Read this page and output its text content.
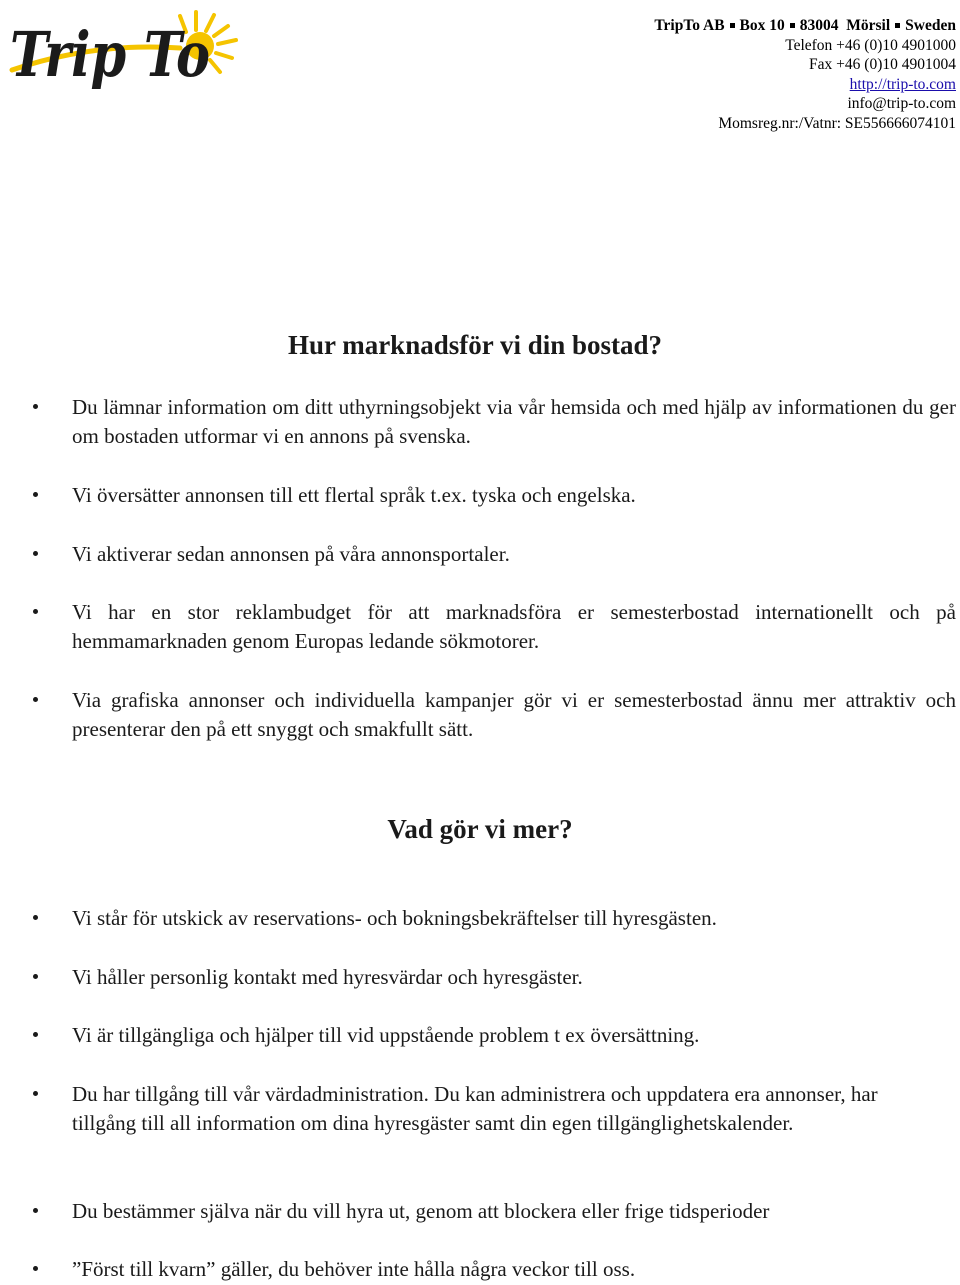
Trip To	TripTo AB Box 10 83004 Mörsil Sweden
Telefon +46 (0)10 4901000
Fax +46 (0)10 4901004
http://trip-to.com
info@trip-to.com
Momsreg.nr:/Vatnr: SE556666074101
Hur marknadsför vi din bostad?
Du lämnar information om ditt uthyrningsobjekt via vår hemsida och med hjälp av informationen du ger om bostaden utformar vi en annons på svenska.
Vi översätter annonsen till ett flertal språk t.ex. tyska och engelska.
Vi aktiverar sedan annonsen på våra annonsportaler.
Vi har en stor reklambudget för att marknadsföra er semesterbostad internationellt och på hemmamarknaden genom Europas ledande sökmotorer.
Via grafiska annonser och individuella kampanjer gör vi er semesterbostad ännu mer attraktiv och presenterar den på ett snyggt och smakfullt sätt.
Vad gör vi mer?
Vi står för utskick av reservations- och bokningsbekräftelser till hyresgästen.
Vi håller personlig kontakt med hyresvärdar och hyresgäster.
Vi är tillgängliga och hjälper till vid uppstående problem t ex översättning.
Du har tillgång till vår värdadministration. Du kan administrera och uppdatera era annonser, har tillgång till all information om dina hyresgäster samt din egen tillgänglighetskalender.
Du bestämmer själva när du vill hyra ut, genom att blockera eller frige tidsperioder
”Först till kvarn” gäller, du behöver inte hålla några veckor till oss.
